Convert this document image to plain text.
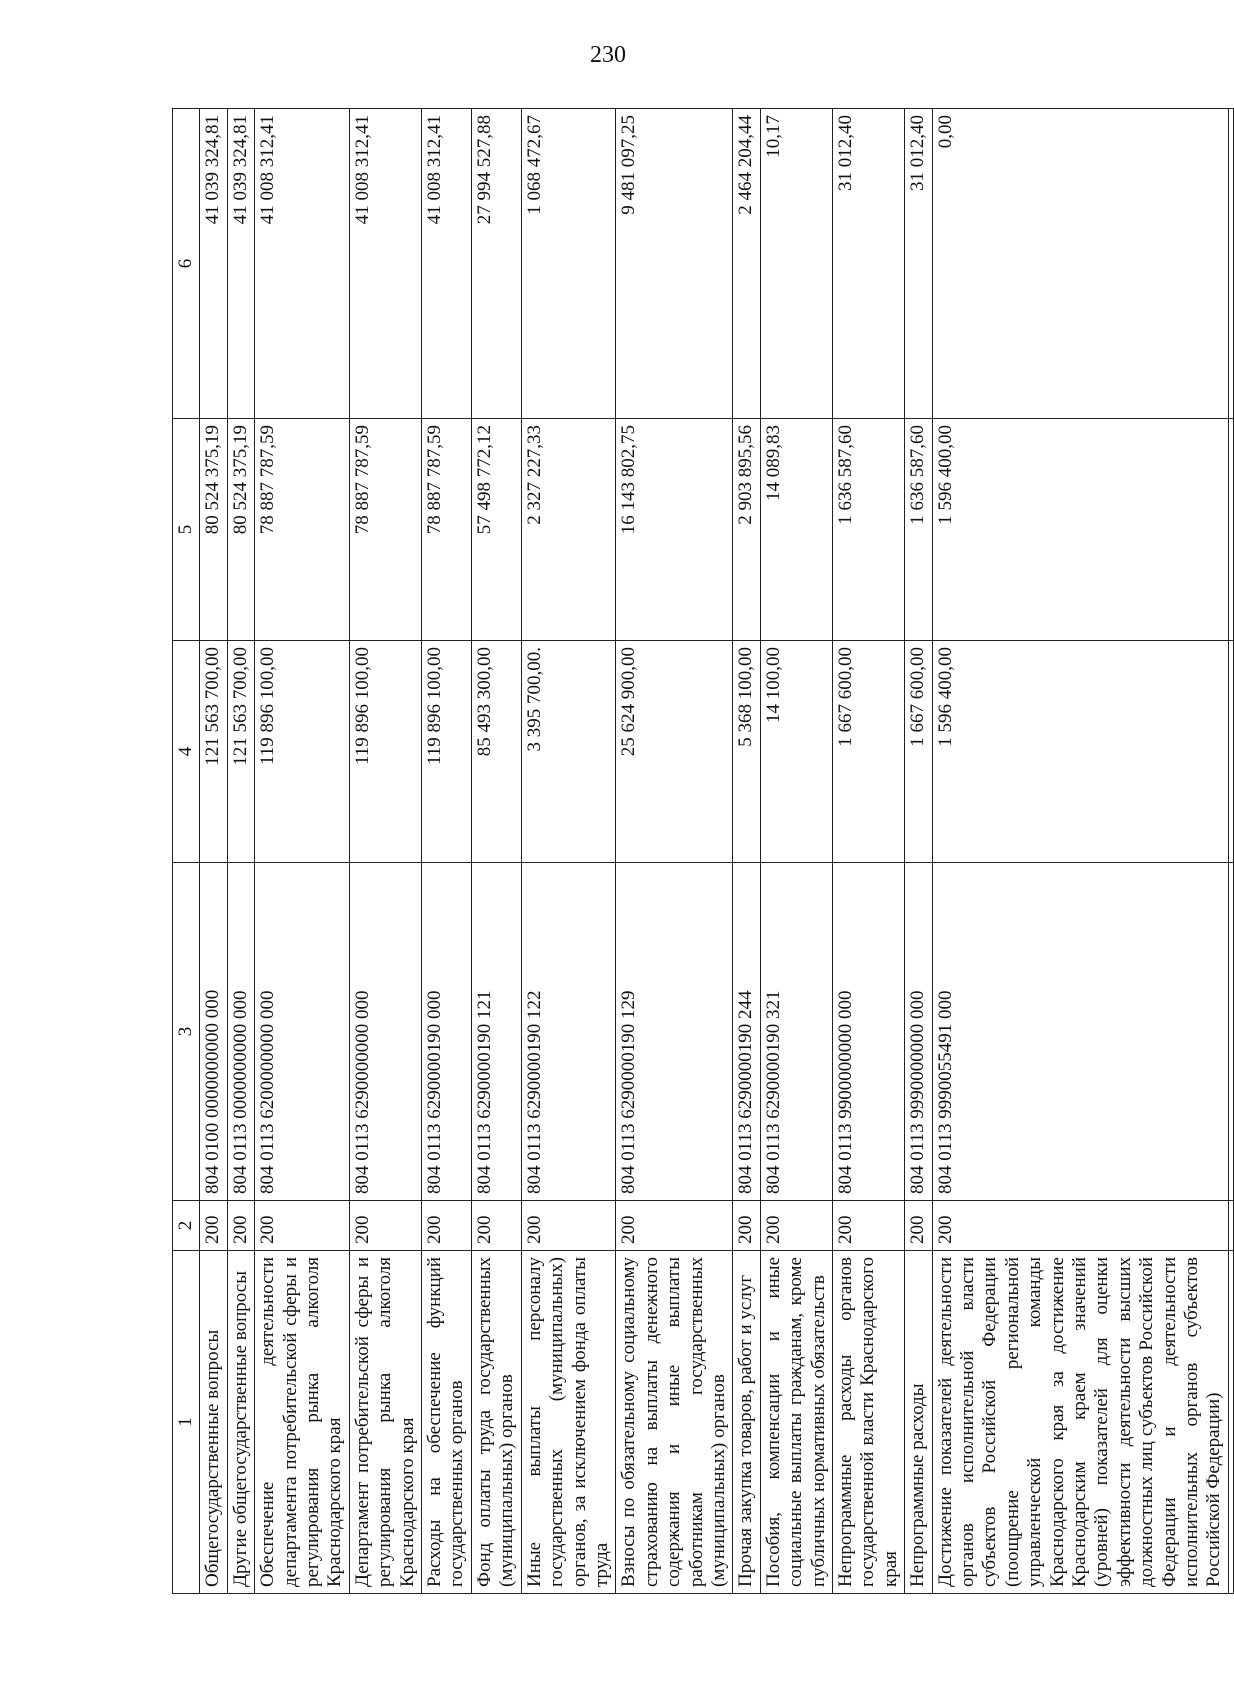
230
1	2	3	4	5	6
Общегосударственные вопросы	200	804 0100 0000000000 000	121 563 700,00	80 524 375,19	41 039 324,81
Другие общегосударственные вопросы	200	804 0113 0000000000 000	121 563 700,00	80 524 375,19	41 039 324,81
Обеспечение деятельности департамента потребительской сферы и регулирования рынка алкоголя Краснодарского края	200	804 0113 6200000000 000	119 896 100,00	78 887 787,59	41 008 312,41
Департамент потребительской сферы и регулирования рынка алкоголя Краснодарского края	200	804 0113 6290000000 000	119 896 100,00	78 887 787,59	41 008 312,41
Расходы на обеспечение функций государственных органов	200	804 0113 6290000190 000	119 896 100,00	78 887 787,59	41 008 312,41
Фонд оплаты труда государственных (муниципальных) органов	200	804 0113 6290000190 121	85 493 300,00	57 498 772,12	27 994 527,88
Иные выплаты персоналу государственных (муниципальных) органов, за исключением фонда оплаты труда	200	804 0113 6290000190 122	3 395 700,00.	2 327 227,33	1 068 472,67
Взносы по обязательному социальному страхованию на выплаты денежного содержания и иные выплаты работникам государственных (муниципальных) органов	200	804 0113 6290000190 129	25 624 900,00	16 143 802,75	9 481 097,25
Прочая закупка товаров, работ и услуг	200	804 0113 6290000190 244	5 368 100,00	2 903 895,56	2 464 204,44
Пособия, компенсации и иные социальные выплаты гражданам, кроме публичных нормативных обязательств	200	804 0113 6290000190 321	14 100,00	14 089,83	10,17
Непрограммные расходы органов государственной власти Краснодарского края	200	804 0113 9900000000 000	1 667 600,00	1 636 587,60	31 012,40
Непрограммные расходы	200	804 0113 9990000000 000	1 667 600,00	1 636 587,60	31 012,40
Достижение показателей деятельности органов исполнительной власти субъектов Российской Федерации (поощрение региональной управленческой команды Краснодарского края за достижение Краснодарским краем значений (уровней) показателей для оценки эффективности деятельности высших должностных лиц субъектов Российской Федерации и деятельности исполнительных органов субъектов Российской Федерации)	200	804 0113 9990055491 000	1 596 400,00	1 596 400,00	0,00
